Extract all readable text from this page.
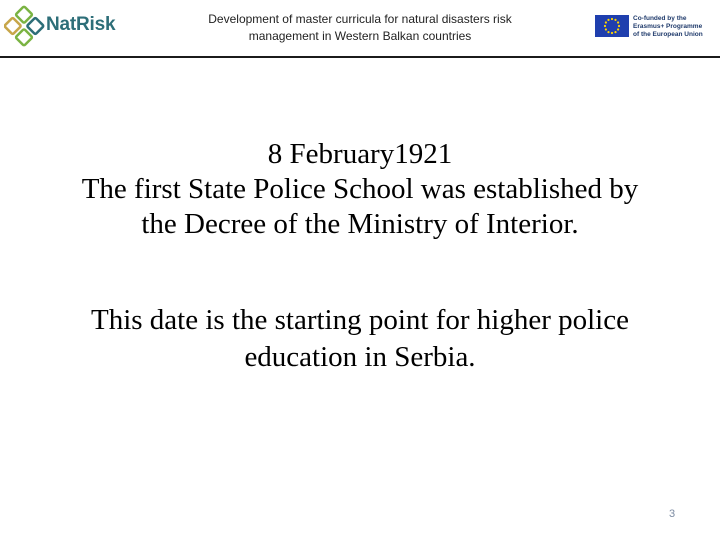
NatRisk	Development of master curricula for natural disasters risk
management in Western Balkan countries
Co-funded by the
Erasmus+ Programme
of the European Union
8 February1921
The first State Police School was established by
the Decree of the Ministry of Interior.
This date is the starting point for higher police
education in Serbia.
3
